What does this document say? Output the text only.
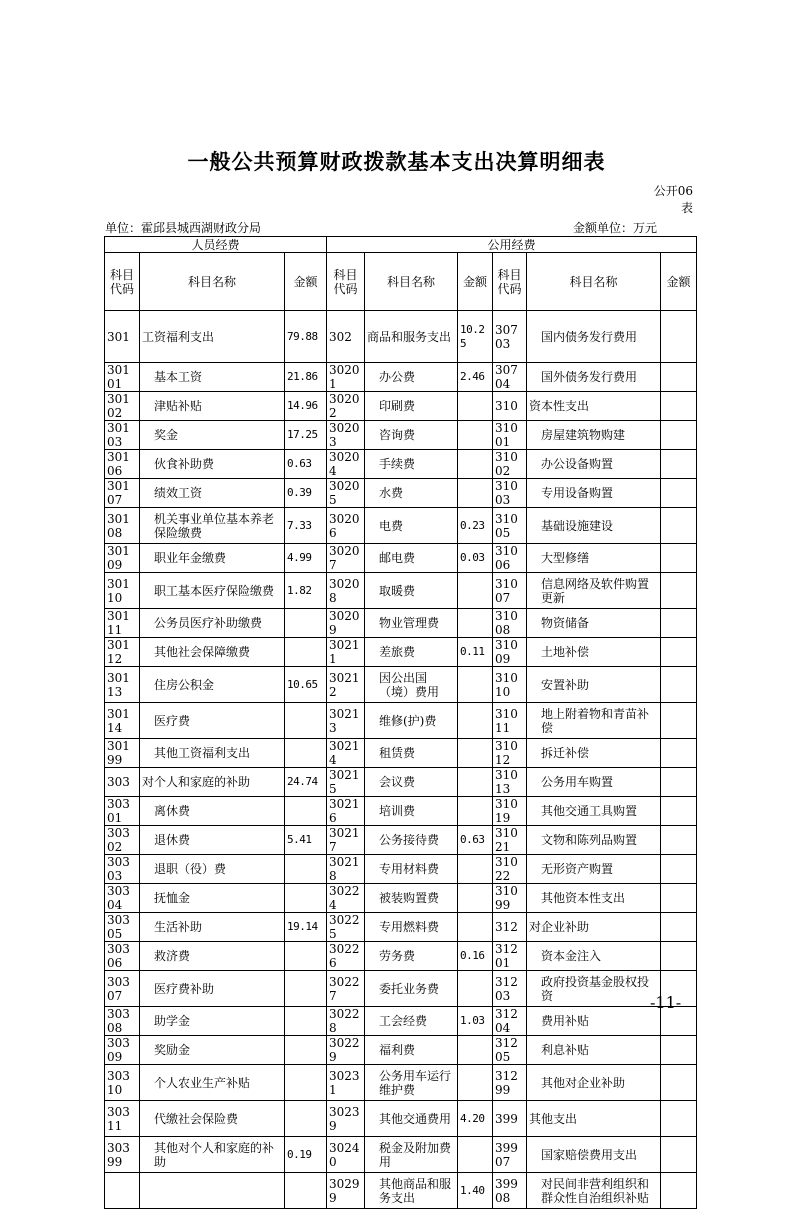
一般公共预算财政拨款基本支出决算明细表
公开06
表
单位：霍邱县城西湖财政分局	金额单位：万元
人员经费			公用经费					
科目代码	科目名称	金额	科目代码	科目名称	金额	科目代码	科目名称	金额
301	工资福利支出	79.88	302	商品和服务支出	10.25	30703	国内债务发行费用	
30101	基本工资	21.86	30201	办公费	2.46	30704	国外债务发行费用	
30102	津贴补贴	14.96	30202	印刷费		310	资本性支出	
30103	奖金	17.25	30203	咨询费		31001	房屋建筑物购建	
30106	伙食补助费	0.63	30204	手续费		31002	办公设备购置	
30107	绩效工资	0.39	30205	水费		31003	专用设备购置	
30108	机关事业单位基本养老保险缴费	7.33	30206	电费	0.23	31005	基础设施建设	
30109	职业年金缴费	4.99	30207	邮电费	0.03	31006	大型修缮	
30110	职工基本医疗保险缴费	1.82	30208	取暖费		31007	信息网络及软件购置更新	
30111	公务员医疗补助缴费		30209	物业管理费		31008	物资储备	
30112	其他社会保障缴费		30211	差旅费	0.11	31009	土地补偿	
30113	住房公积金	10.65	30212	因公出国（境）费用		31010	安置补助	
30114	医疗费		30213	维修(护)费		31011	地上附着物和青苗补偿	
30199	其他工资福利支出		30214	租赁费		31012	拆迁补偿	
303	对个人和家庭的补助	24.74	30215	会议费		31013	公务用车购置	
30301	离休费		30216	培训费		31019	其他交通工具购置	
30302	退休费	5.41	30217	公务接待费	0.63	31021	文物和陈列品购置	
30303	退职（役）费		30218	专用材料费		31022	无形资产购置	
30304	抚恤金		30224	被装购置费		31099	其他资本性支出	
30305	生活补助	19.14	30225	专用燃料费		312	对企业补助	
30306	救济费		30226	劳务费	0.16	31201	资本金注入	
30307	医疗费补助		30227	委托业务费		31203	政府投资基金股权投资	
30308	助学金		30228	工会经费	1.03	31204	费用补贴	
30309	奖励金		30229	福利费		31205	利息补贴	
30310	个人农业生产补贴		30231	公务用车运行维护费		31299	其他对企业补助	
30311	代缴社会保险费		30239	其他交通费用	4.20	399	其他支出	
30399	其他对个人和家庭的补助	0.19	30240	税金及附加费用		39907	国家赔偿费用支出	
			30299	其他商品和服务支出	1.40	39908	对民间非营利组织和群众性自治组织补贴	
-11-
